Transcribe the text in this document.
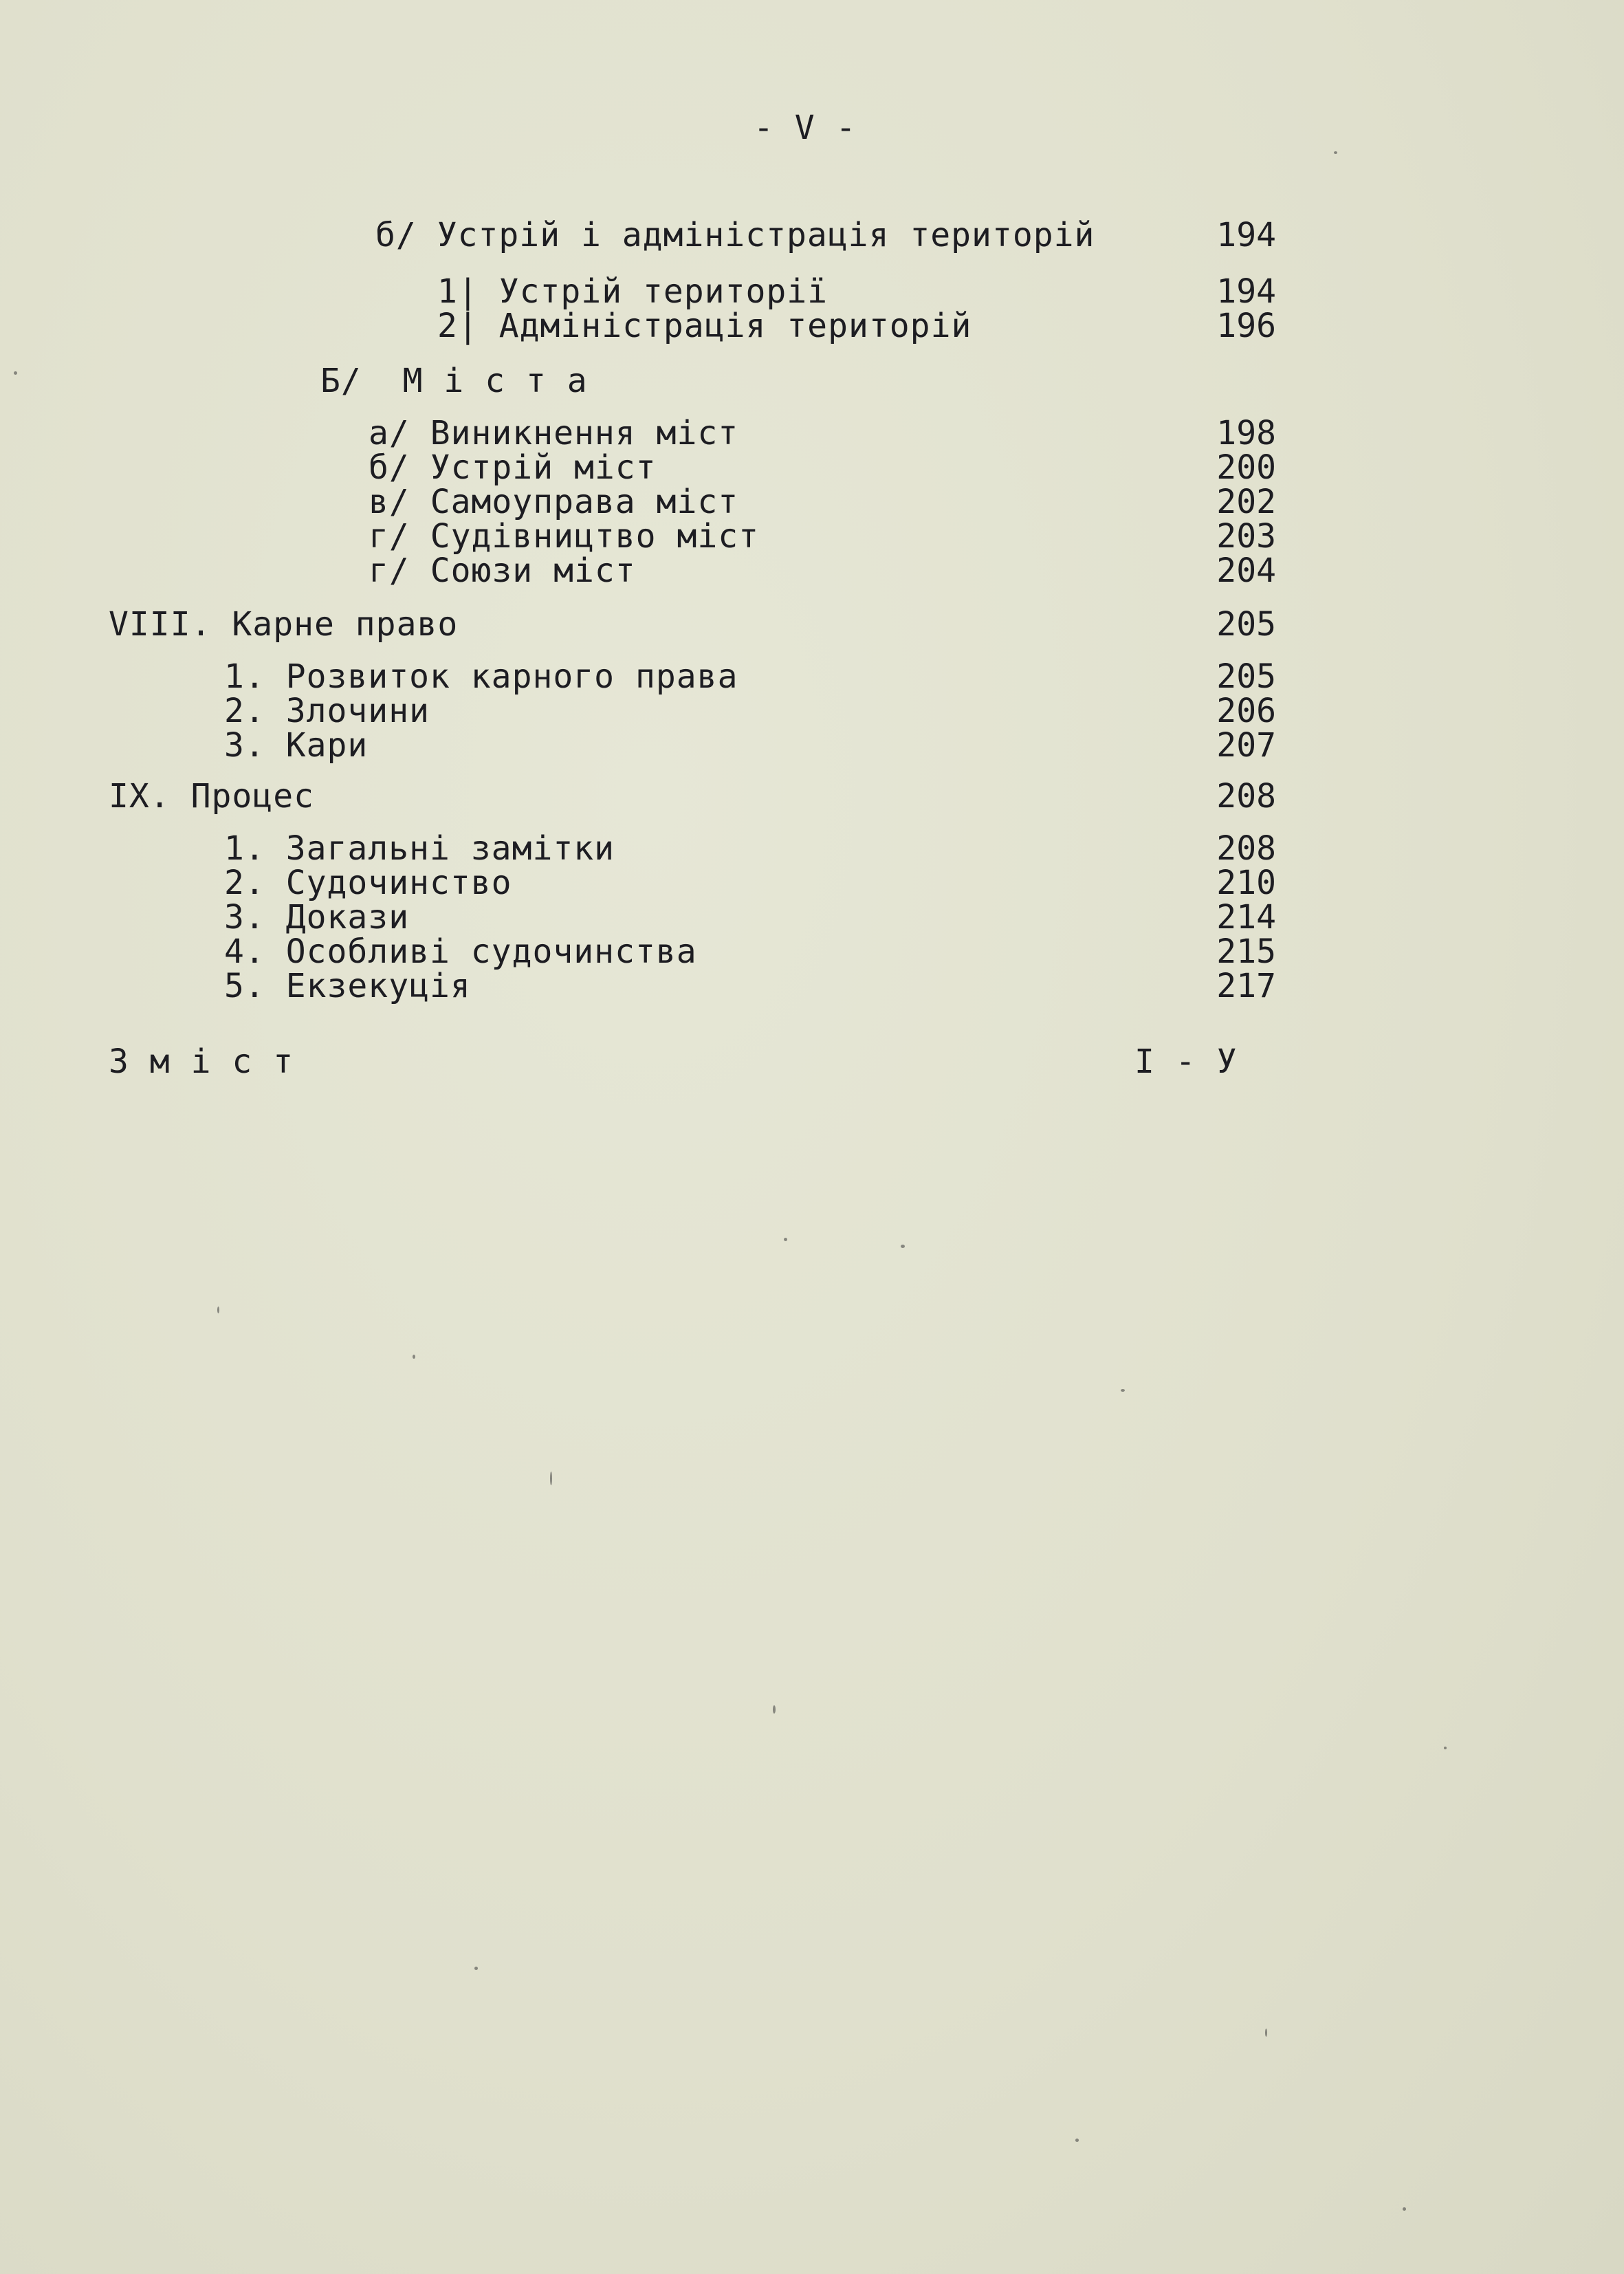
- V -
б/ Устрій і адміністрація територій	194
1| Устрій території	194
2| Адміністрація територій	196
Б/  М і с т а
а/ Виникнення міст	198
б/ Устрій міст	200
в/ Самоуправа міст	202
г/ Судівництво міст	203
г/ Союзи міст	204
VIII. Карне право	205
1. Розвиток карного права	205
2. Злочини	206
3. Кари	207
IX. Процес	208
1. Загальні замітки	208
2. Судочинство	210
3. Докази	214
4. Особливі судочинства	215
5. Екзекуція	217
З м і с т	I - У
